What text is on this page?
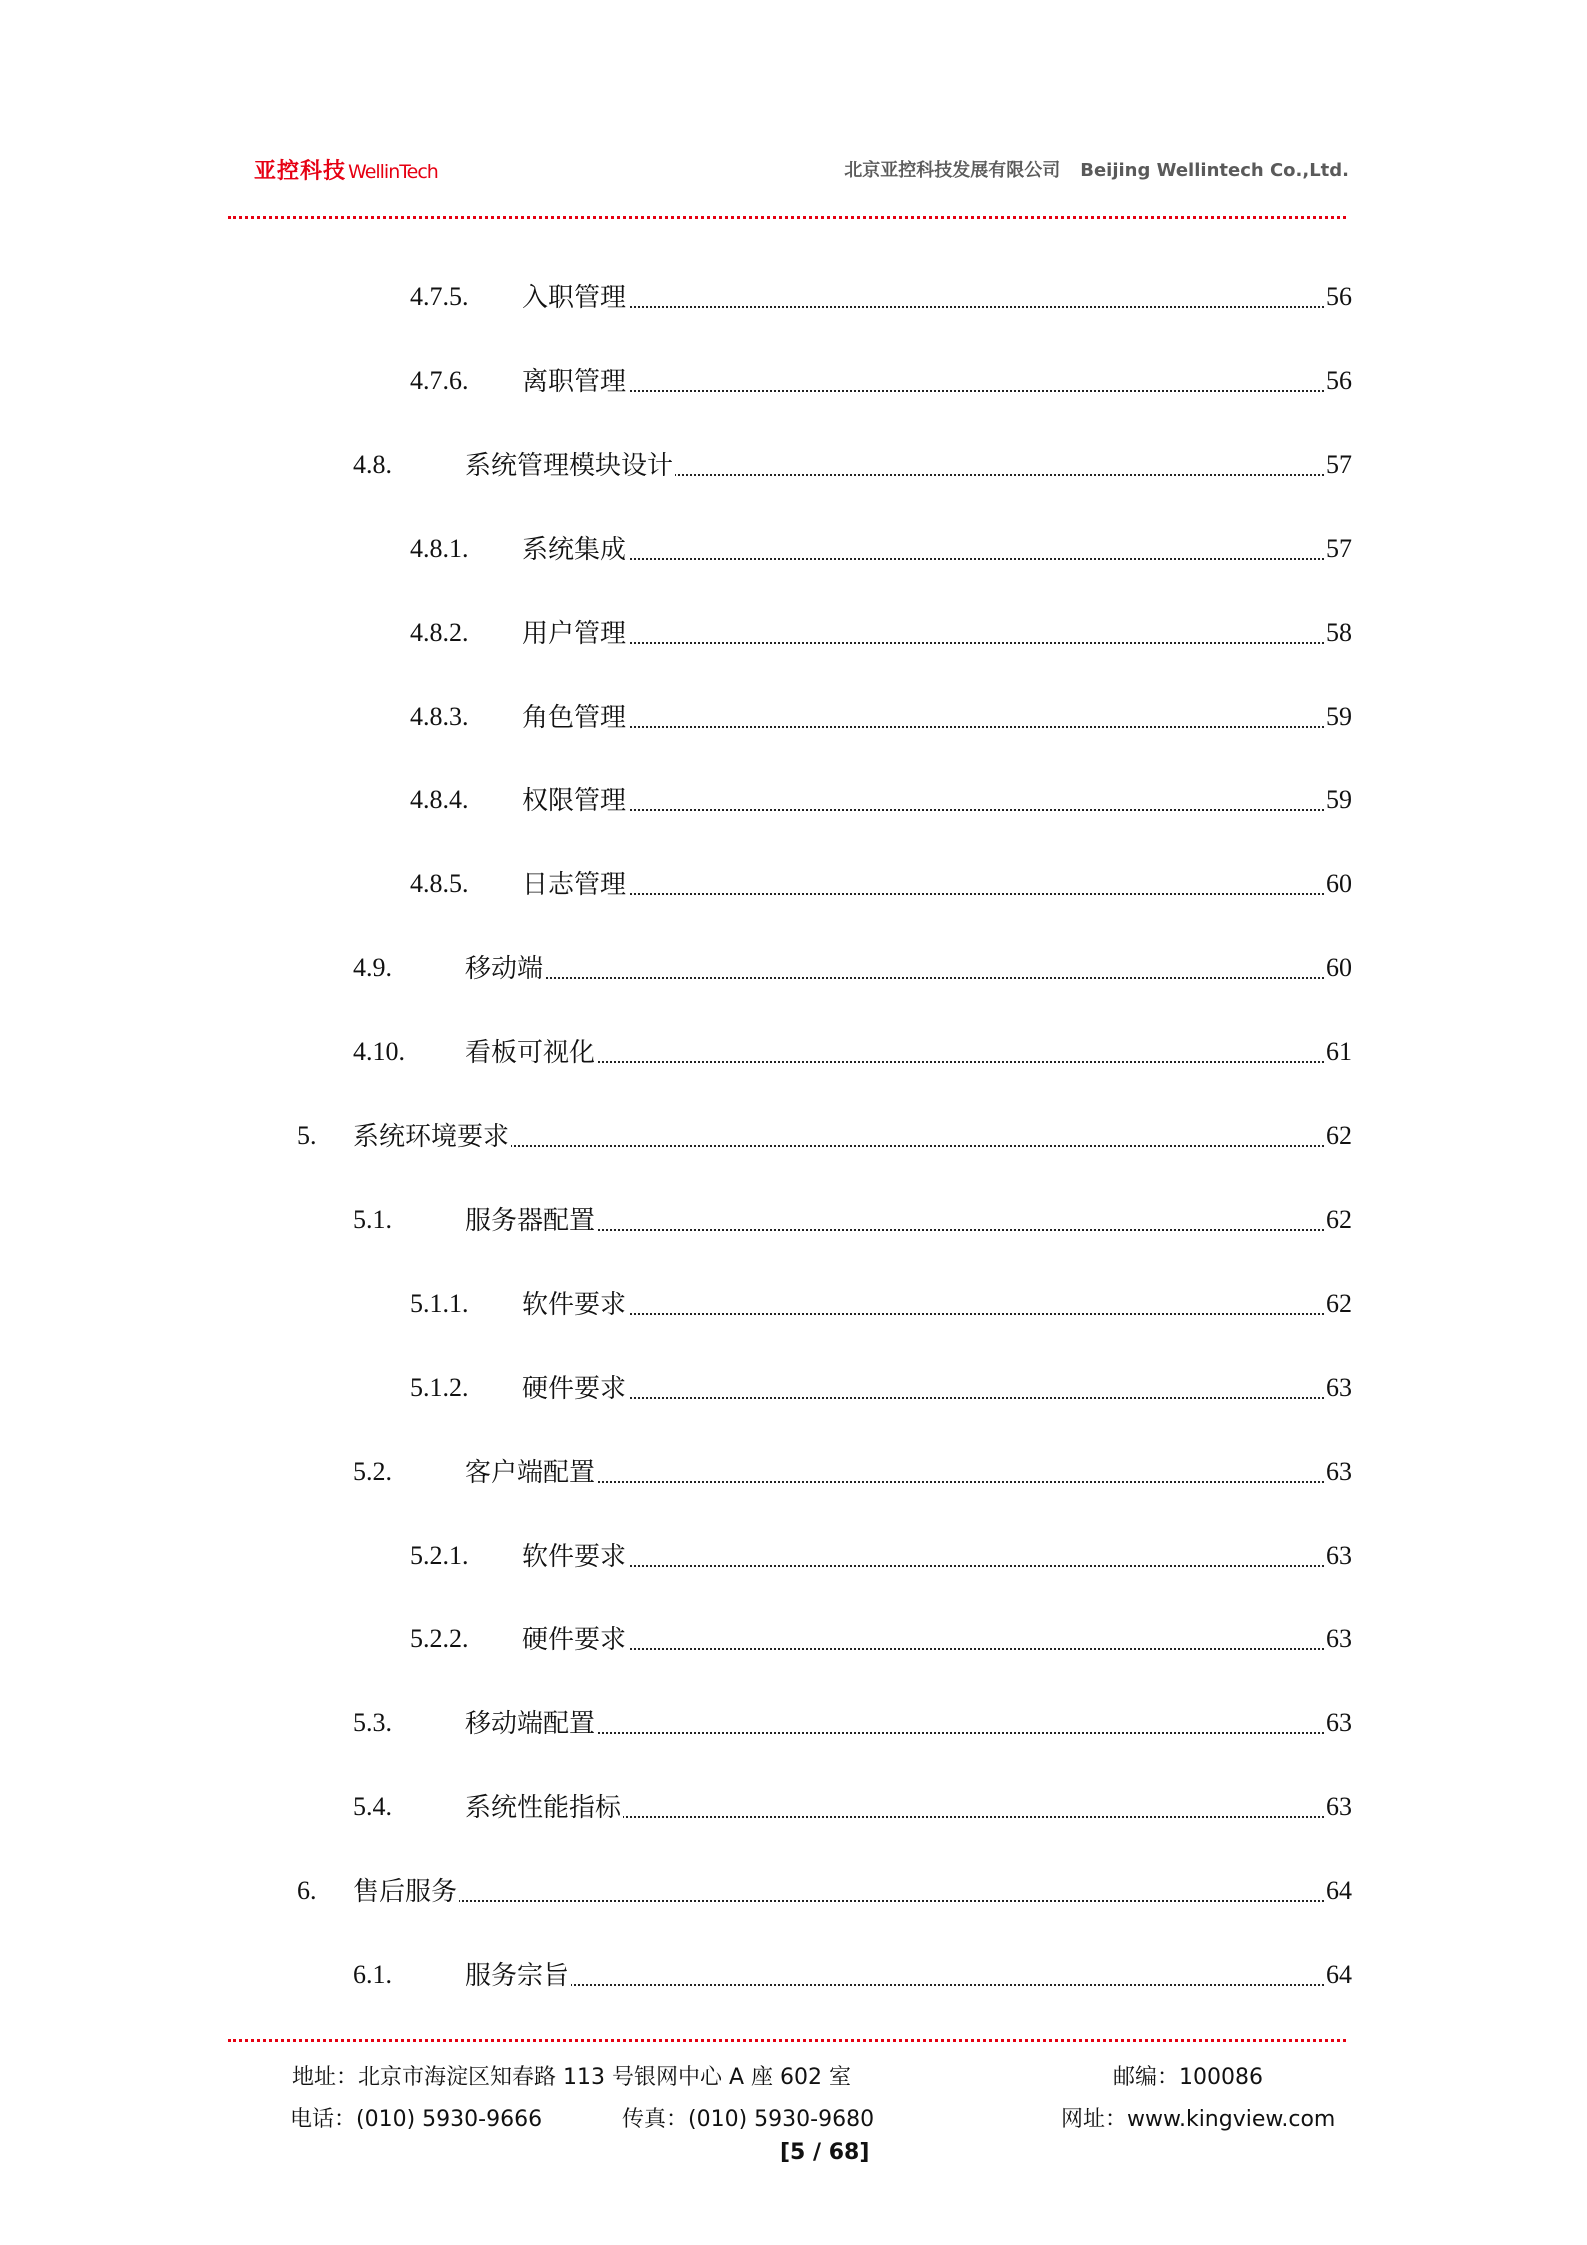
亚控科技 WellinTech	北京亚控科技发展有限公司 Beijing Wellintech Co.,Ltd.
4.7.5. 入职管理	56
4.7.6. 离职管理	56
4.8.	系统管理模块设计	57
4.8.1. 系统集成	57
4.8.2. 用户管理	58
4.8.3. 角色管理	59
4.8.4. 权限管理	59
4.8.5. 日志管理	60
4.9.	移动端	60
4.10. 看板可视化	61
5. 系统环境要求	62
5.1.	服务器配置	62
5.1.1. 软件要求	62
5.1.2. 硬件要求	63
5.2.	客户端配置	63
5.2.1. 软件要求	63
5.2.2. 硬件要求	63
5.3.	移动端配置	63
5.4.	系统性能指标	63
6. 售后服务	64
6.1.	服务宗旨	64
地址：北京市海淀区知春路 113 号银网中心 A 座 602 室	邮编：100086
电话：(010) 5930-9666	传真：(010) 5930-9680	网址：www.kingview.com
[5 / 68]
